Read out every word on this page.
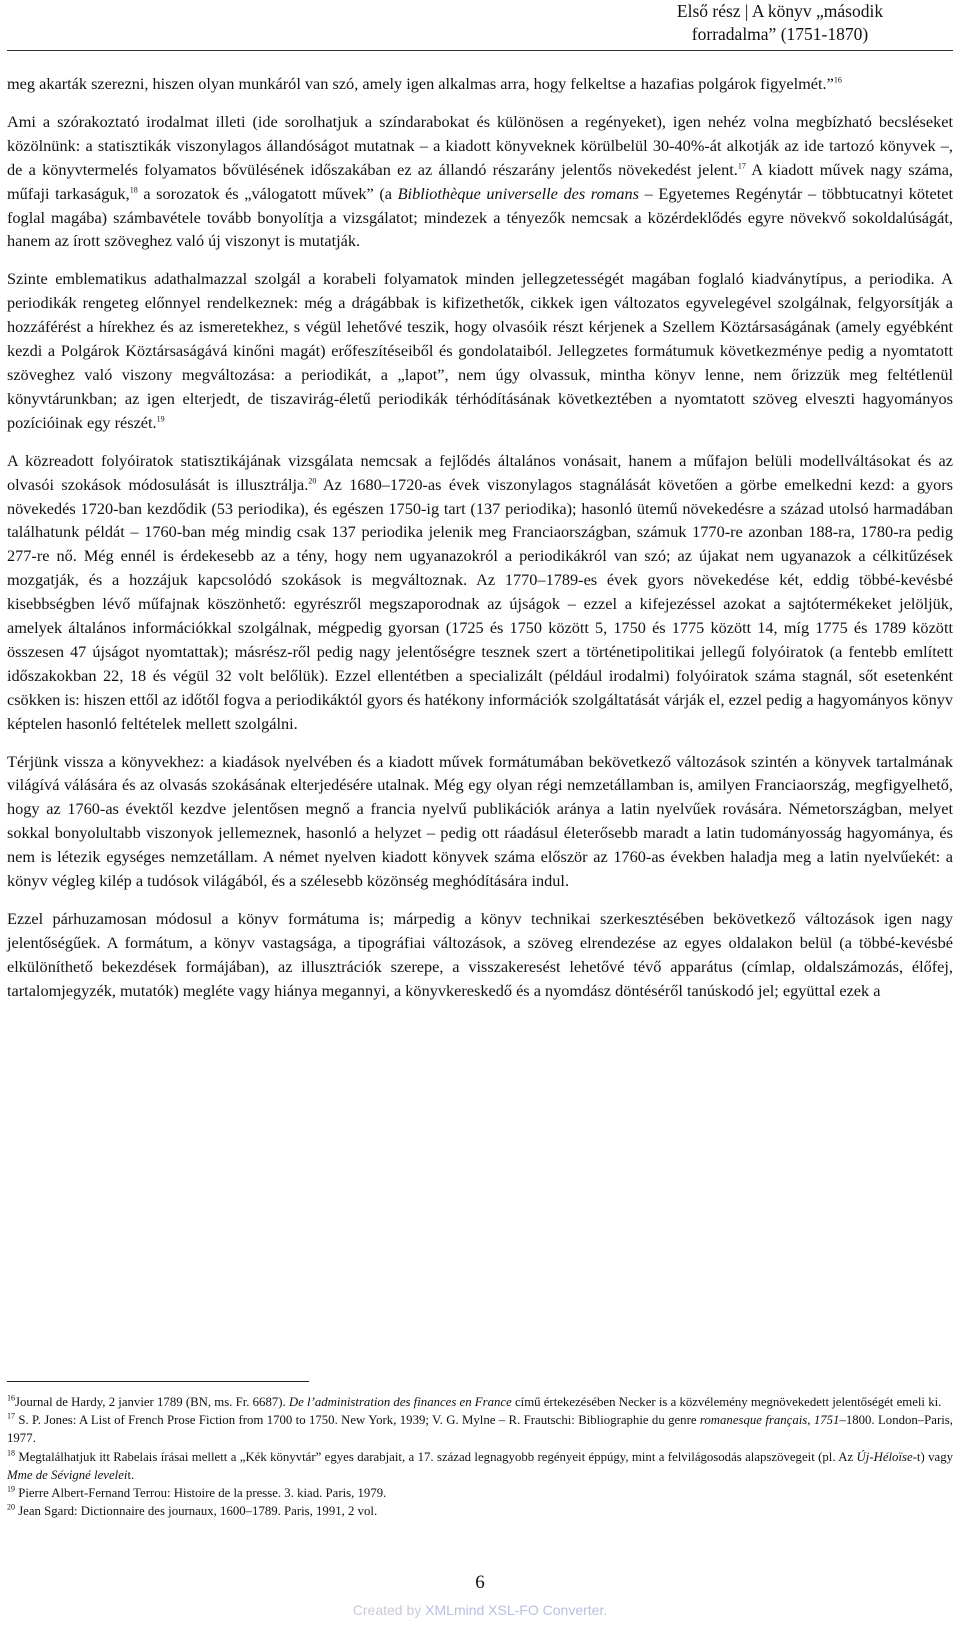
Első rész | A könyv „második
forradalma” (1751-1870)

meg akarták szerezni, hiszen olyan munkáról van szó, amely igen alkalmas arra, hogy felkeltse a hazafias polgárok figyelmét.”$^{16}$

Ami a szórakoztató irodalmat illeti (ide sorolhatjuk a színdarabokat és különösen a regényeket), igen nehéz volna megbízható becsléseket közölnünk: a statisztikák viszonylagos állandóságot mutatnak – a kiadott könyveknek körülbelül 30-40%-át alkotják az ide tartozó könyvek –, de a könyvtermelés folyamatos bővülésének időszakában ez az állandó részarány jelentős növekedést jelent.$^{17}$ A kiadott művek nagy száma, műfaji tarkaságuk,$^{18}$ a sorozatok és „válogatott művek” (a Bibliothèque universelle des romans – Egyetemes Regénytár – többtucatnyi kötetet foglal magába) számbavétele tovább bonyolítja a vizsgálatot; mindezek a tényezők nemcsak a közérdeklődés egyre növekvő sokoldalúságát, hanem az írott szöveghez való új viszonyt is mutatják.

Szinte emblematikus adathalmazzal szolgál a korabeli folyamatok minden jellegzetességét magában foglaló kiadványtípus, a periodika. A periodikák rengeteg előnnyel rendelkeznek: még a drágábbak is kifizethetők, cikkek igen változatos egyvelegével szolgálnak, felgyorsítják a hozzáférést a hírekhez és az ismeretekhez, s végül lehetővé teszik, hogy olvasóik részt kérjenek a Szellem Köztársaságának (amely egyébként kezdi a Polgárok Köztársaságává kinőni magát) erőfeszítéseiből és gondolataiból. Jellegzetes formátumuk következménye pedig a nyomtatott szöveghez való viszony megváltozása: a periodikát, a „lapot”, nem úgy olvassuk, mintha könyv lenne, nem őrizzük meg feltétlenül könyvtárunkban; az igen elterjedt, de tiszavirág-életű periodikák térhódításának következtében a nyomtatott szöveg elveszti hagyományos pozícióinak egy részét.$^{19}$

A közreadott folyóiratok statisztikájának vizsgálata nemcsak a fejlődés általános vonásait, hanem a műfajon belüli modellváltásokat és az olvasói szokások módosulását is illusztrálja.$^{20}$ Az 1680–1720-as évek viszonylagos stagnálását követően a görbe emelkedni kezd: a gyors növekedés 1720-ban kezdődik (53 periodika), és egészen 1750-ig tart (137 periodika); hasonló ütemű növekedésre a század utolsó harmadában találhatunk példát – 1760-ban még mindig csak 137 periodika jelenik meg Franciaországban, számuk 1770-re azonban 188-ra, 1780-ra pedig 277-re nő. Még ennél is érdekesebb az a tény, hogy nem ugyanazokról a periodikákról van szó; az újakat nem ugyanazok a célkitűzések mozgatják, és a hozzájuk kapcsolódó szokások is megváltoznak. Az 1770–1789-es évek gyors növekedése két, eddig többé-kevésbé kisebbségben lévő műfajnak köszönhető: egyrészről megszaporodnak az újságok – ezzel a kifejezéssel azokat a sajtótermékeket jelöljük, amelyek általános információkkal szolgálnak, mégpedig gyorsan (1725 és 1750 között 5, 1750 és 1775 között 14, míg 1775 és 1789 között összesen 47 újságot nyomtattak); másrész-ről pedig nagy jelentőségre tesznek szert a történetipolitikai jellegű folyóiratok (a fentebb említett időszakokban 22, 18 és végül 32 volt belőlük). Ezzel ellentétben a specializált (például irodalmi) folyóiratok száma stagnál, sőt esetenként csökken is: hiszen ettől az időtől fogva a periodikáktól gyors és hatékony információk szolgáltatását várják el, ezzel pedig a hagyományos könyv képtelen hasonló feltételek mellett szolgálni.

Térjünk vissza a könyvekhez: a kiadások nyelvében és a kiadott művek formátumában bekövetkező változások szintén a könyvek tartalmának világívá válására és az olvasás szokásának elterjedésére utalnak. Még egy olyan régi nemzetállamban is, amilyen Franciaország, megfigyelhető, hogy az 1760-as évektől kezdve jelentősen megnő a francia nyelvű publikációk aránya a latin nyelvűek rovására. Németországban, melyet sokkal bonyolultabb viszonyok jellemeznek, hasonló a helyzet – pedig ott ráadásul életerősebb maradt a latin tudományosság hagyománya, és nem is létezik egységes nemzetállam. A német nyelven kiadott könyvek száma először az 1760-as években haladja meg a latin nyelvűekét: a könyv végleg kilép a tudósok világából, és a szélesebb közönség meghódítására indul.

Ezzel párhuzamosan módosul a könyv formátuma is; márpedig a könyv technikai szerkesztésében bekövetkező változások igen nagy jelentőségűek. A formátum, a könyv vastagsága, a tipográfiai változások, a szöveg elrendezése az egyes oldalakon belül (a többé-kevésbé elkülöníthető bekezdések formájában), az illusztrációk szerepe, a visszakeresést lehetővé tévő apparátus (címlap, oldalszámozás, élőfej, tartalomjegyzék, mutatók) megléte vagy hiánya megannyi, a könyvkereskedő és a nyomdász döntéséről tanúskodó jel; együttal ezek a

$^{16}$Journal de Hardy, 2 janvier 1789 (BN, ms. Fr. 6687). De l’administration des finances en France című értekezésében Necker is a közvélemény megnövekedett jelentőségét emeli ki.

$^{17}$ S. P. Jones: A List of French Prose Fiction from 1700 to 1750. New York, 1939; V. G. Mylne – R. Frautschi: Bibliographie du genre romanesque français, 1751–1800. London–Paris, 1977.

$^{18}$ Megtalálhatjuk itt Rabelais írásai mellett a „Kék könyvtár” egyes darabjait, a 17. század legnagyobb regényeit éppúgy, mint a felvilágosodás alapszövegeit (pl. Az Új-Héloïse-t) vagy Mme de Sévigné leveleit.

$^{19}$ Pierre Albert-Fernand Terrou: Histoire de la presse. 3. kiad. Paris, 1979.

$^{20}$ Jean Sgard: Dictionnaire des journaux, 1600–1789. Paris, 1991, 2 vol.

6
Created by XMLmind XSL-FO Converter.
